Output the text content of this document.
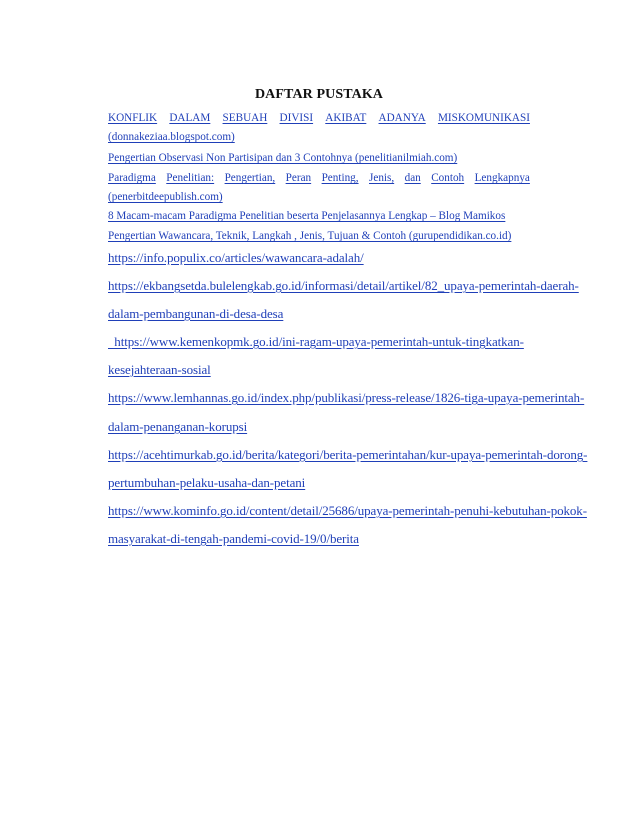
DAFTAR PUSTAKA
KONFLIK DALAM SEBUAH DIVISI AKIBAT ADANYA MISKOMUNIKASI
(donnakeziaa.blogspot.com)
Pengertian Observasi Non Partisipan dan 3 Contohnya (penelitianilmiah.com)
Paradigma Penelitian: Pengertian, Peran Penting, Jenis, dan Contoh Lengkapnya
(penerbitdeepublish.com)
8 Macam-macam Paradigma Penelitian beserta Penjelasannya Lengkap – Blog Mamikos
Pengertian Wawancara, Teknik, Langkah , Jenis, Tujuan & Contoh (gurupendidikan.co.id)
https://info.populix.co/articles/wawancara-adalah/
https://ekbangsetda.bulelengkab.go.id/informasi/detail/artikel/82_upaya-pemerintah-daerah-
dalam-pembangunan-di-desa-desa
https://www.kemenkopmk.go.id/ini-ragam-upaya-pemerintah-untuk-tingkatkan-
kesejahteraan-sosial
https://www.lemhannas.go.id/index.php/publikasi/press-release/1826-tiga-upaya-pemerintah-
dalam-penanganan-korupsi
https://acehtimurkab.go.id/berita/kategori/berita-pemerintahan/kur-upaya-pemerintah-dorong-
pertumbuhan-pelaku-usaha-dan-petani
https://www.kominfo.go.id/content/detail/25686/upaya-pemerintah-penuhi-kebutuhan-pokok-
masyarakat-di-tengah-pandemi-covid-19/0/berita
